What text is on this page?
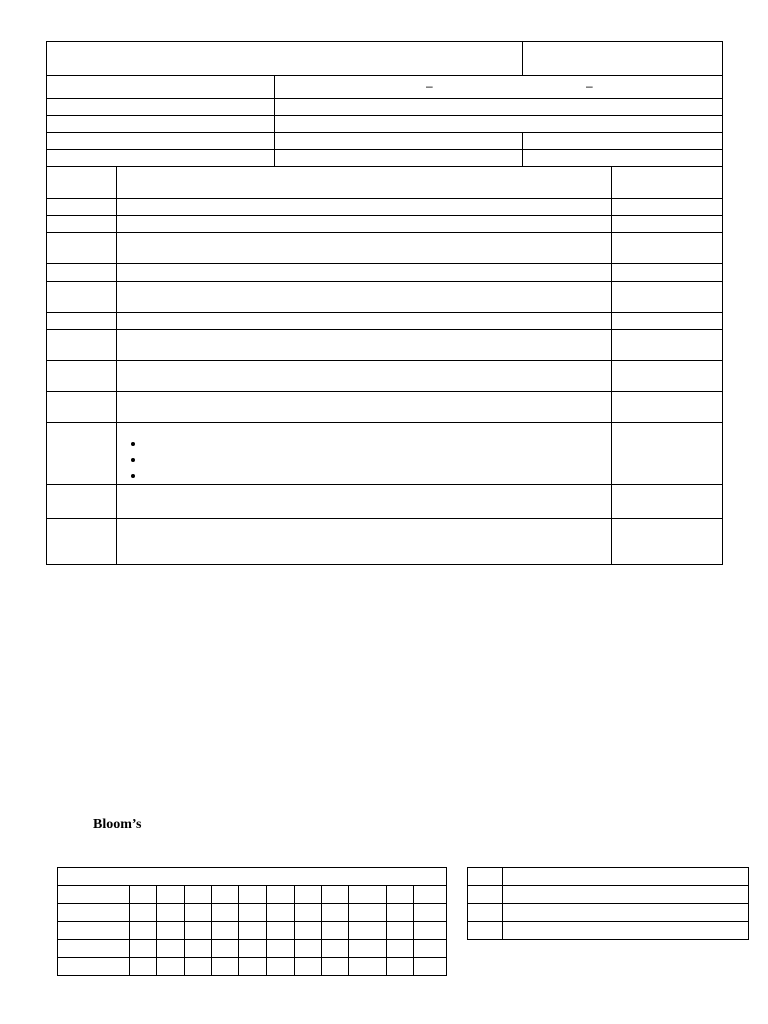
	– –	

•
•
•

Bloom’s
